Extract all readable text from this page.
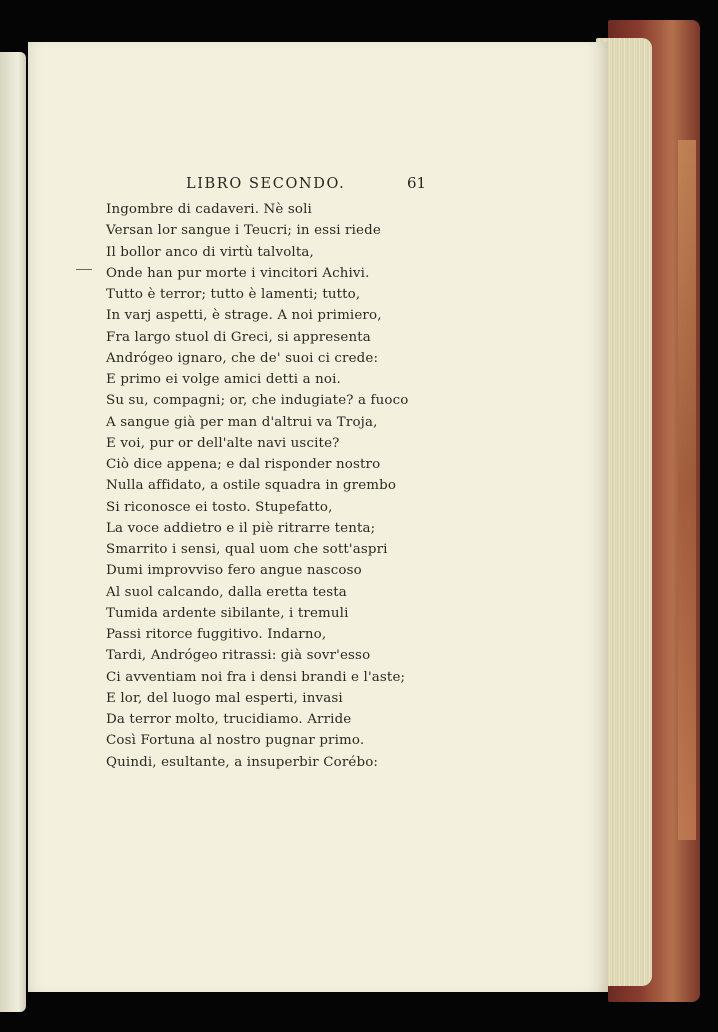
LIBRO SECONDO.	61
Ingombre di cadaveri. Nè soli
Versan lor sangue i Teucri; in essi riede
Il bollor anco di virtù talvolta,
Onde han pur morte i vincitori Achivi.
Tutto è terror; tutto è lamenti; tutto,
In varj aspetti, è strage. A noi primiero,
Fra largo stuol di Greci, si appresenta
Andrógeo ignaro, che de' suoi ci crede:
E primo ei volge amici detti a noi.
Su su, compagni; or, che indugiate? a fuoco
A sangue già per man d'altrui va Troja,
E voi, pur or dell'alte navi uscite?
Ciò dice appena; e dal risponder nostro
Nulla affidato, a ostile squadra in grembo
Si riconosce ei tosto. Stupefatto,
La voce addietro e il piè ritrarre tenta;
Smarrito i sensi, qual uom che sott'aspri
Dumi improvviso fero angue nascoso
Al suol calcando, dalla eretta testa
Tumida ardente sibilante, i tremuli
Passi ritorce fuggitivo. Indarno,
Tardi, Andrógeo ritrassi: già sovr'esso
Ci avventiam noi fra i densi brandi e l'aste;
E lor, del luogo mal esperti, invasi
Da terror molto, trucidiamo. Arride
Così Fortuna al nostro pugnar primo.
Quindi, esultante, a insuperbir Corébo:
